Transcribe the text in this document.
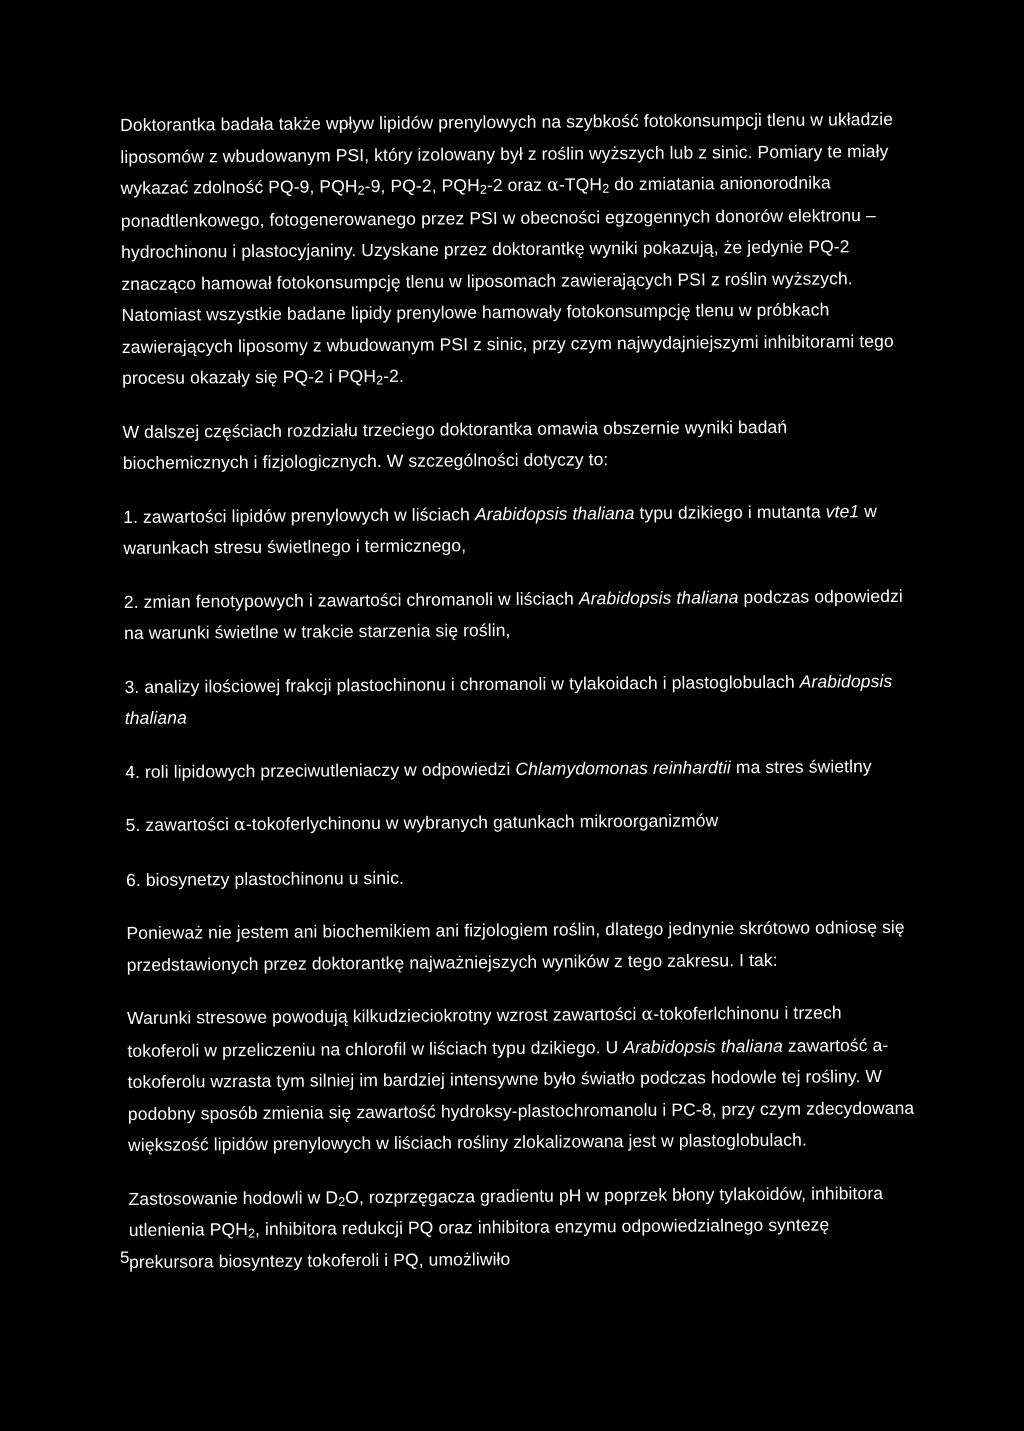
Doktorantka badała także wpływ lipidów prenylowych na szybkość fotokonsumpcji tlenu w układzie liposomów z wbudowanym PSI, który izolowany był z roślin wyższych lub z sinic. Pomiary te miały wykazać zdolność PQ-9, $PQH_2-9$, PQ-2, $PQH_2-2$ oraz $\alpha-TQH_2$ do zmiatania anionorodnika ponadtlenkowego, fotogenerowanego przez PSI w obecności egzogennych donorów elektronu – hydrochinonu i plastocyjaniny. Uzyskane przez doktorantkę wyniki pokazują, że jedynie PQ-2 znacząco hamował fotokonsumpcję tlenu w liposomach zawierających PSI z roślin wyższych. Natomiast wszystkie badane lipidy prenylowe hamowały fotokonsumpcję tlenu w próbkach zawierających liposomy z wbudowanym PSI z sinic, przy czym najwydajniejszymi inhibitorami tego procesu okazały się PQ-2 i $PQH_2-2$.

W dalszej częściach rozdziału trzeciego doktorantka omawia obszernie wyniki badań biochemicznych i fizjologicznych. W szczególności dotyczy to:

1. zawartości lipidów prenylowych w liściach Arabidopsis thaliana typu dzikiego i mutanta vte1 w warunkach stresu świetlnego i termicznego,

2. zmian fenotypowych i zawartości chromanoli w liściach Arabidopsis thaliana podczas odpowiedzi na warunki świetlne w trakcie starzenia się roślin,

3. analizy ilościowej frakcji plastochinonu i chromanoli w tylakoidach i plastoglobulach Arabidopsis thaliana

4. roli lipidowych przeciwutleniaczy w odpowiedzi Chlamydomonas reinhardtii ma stres świetlny

5. zawartości α-tokoferlychinonu w wybranych gatunkach mikroorganizmów

6. biosynetzy plastochinonu u sinic.

Ponieważ nie jestem ani biochemikiem ani fizjologiem roślin, dlatego jednynie skrótowo odniosę się przedstawionych przez doktorantkę najważniejszych wyników z tego zakresu. I tak:

Warunki stresowe powodują kilkudzieciokrotny wzrost zawartości α-tokoferlchinonu i trzech tokoferoli w przeliczeniu na chlorofil w liściach typu dzikiego. U Arabidopsis thaliana zawartość a-tokoferolu wzrasta tym silniej im bardziej intensywne było światło podczas hodowle tej rośliny. W podobny sposób zmienia się zawartość hydroksy-plastochromanolu i PC-8, przy czym zdecydowana większość lipidów prenylowych w liściach rośliny zlokalizowana jest w plastoglobulach.

Zastosowanie hodowli w $D_2O$, rozprzęgacza gradientu pH w poprzek błony tylakoidów, inhibitora utlenienia $PQH_2$, inhibitora redukcji PQ oraz inhibitora enzymu odpowiedzialnego syntezę prekursora biosyntezy tokoferoli i PQ, umożliwiło

5
